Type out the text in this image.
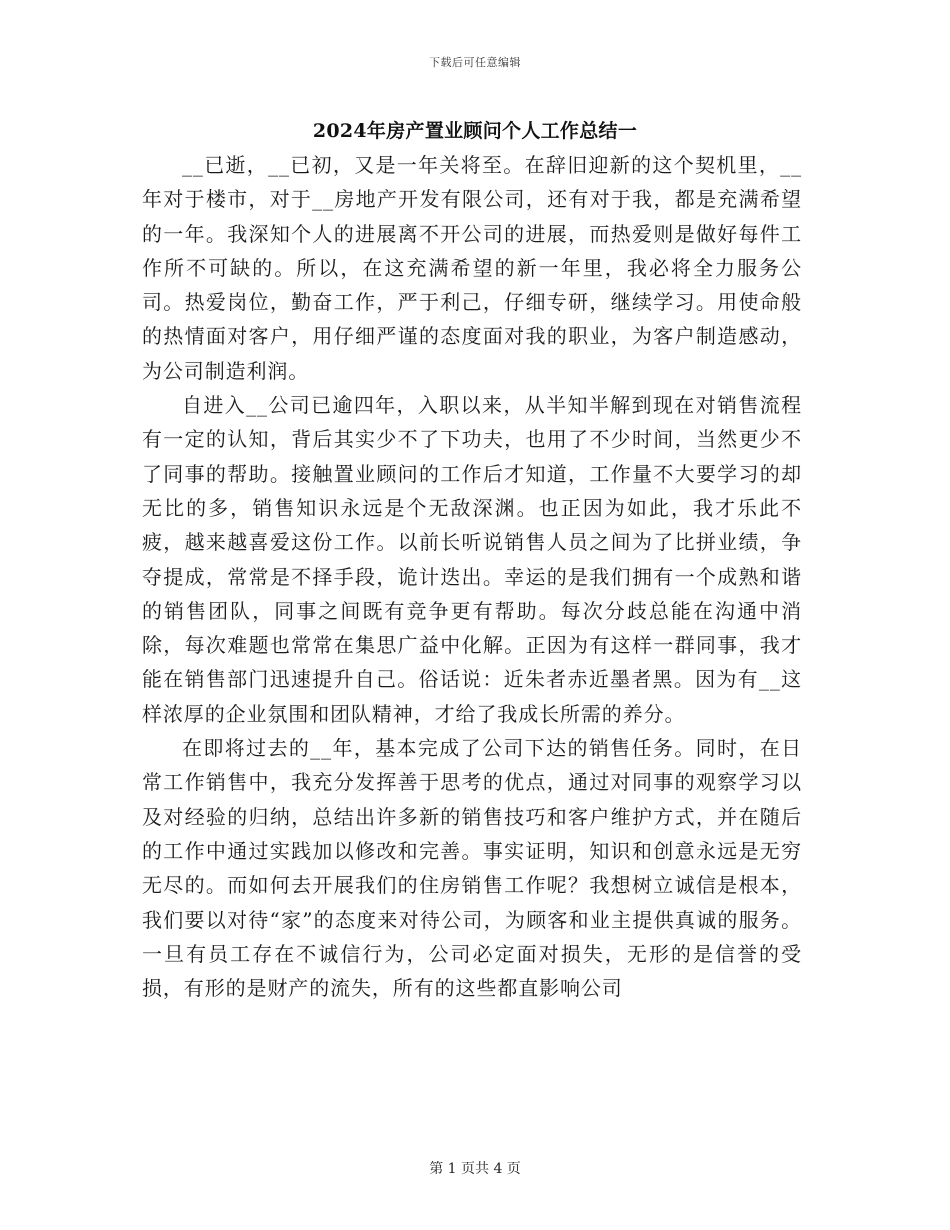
下载后可任意编辑
2024年房产置业顾问个人工作总结一

__已逝，__已初，又是一年关将至。在辞旧迎新的这个契机里，__年对于楼市，对于__房地产开发有限公司，还有对于我，都是充满希望的一年。我深知个人的进展离不开公司的进展，而热爱则是做好每件工作所不可缺的。所以，在这充满希望的新一年里，我必将全力服务公司。热爱岗位，勤奋工作，严于利己，仔细专研，继续学习。用使命般的热情面对客户，用仔细严谨的态度面对我的职业，为客户制造感动，为公司制造利润。

自进入__公司已逾四年，入职以来，从半知半解到现在对销售流程有一定的认知，背后其实少不了下功夫，也用了不少时间，当然更少不了同事的帮助。接触置业顾问的工作后才知道，工作量不大要学习的却无比的多，销售知识永远是个无敌深渊。也正因为如此，我才乐此不疲，越来越喜爱这份工作。以前长听说销售人员之间为了比拼业绩，争夺提成，常常是不择手段，诡计迭出。幸运的是我们拥有一个成熟和谐的销售团队，同事之间既有竞争更有帮助。每次分歧总能在沟通中消除，每次难题也常常在集思广益中化解。正因为有这样一群同事，我才能在销售部门迅速提升自己。俗话说：近朱者赤近墨者黑。因为有__这样浓厚的企业氛围和团队精神，才给了我成长所需的养分。

在即将过去的__年，基本完成了公司下达的销售任务。同时，在日常工作销售中，我充分发挥善于思考的优点，通过对同事的观察学习以及对经验的归纳，总结出许多新的销售技巧和客户维护方式，并在随后的工作中通过实践加以修改和完善。事实证明，知识和创意永远是无穷无尽的。而如何去开展我们的住房销售工作呢？我想树立诚信是根本，我们要以对待“家”的态度来对待公司，为顾客和业主提供真诚的服务。一旦有员工存在不诚信行为，公司必定面对损失，无形的是信誉的受损，有形的是财产的流失，所有的这些都直影响公司

第 1 页共 4 页
